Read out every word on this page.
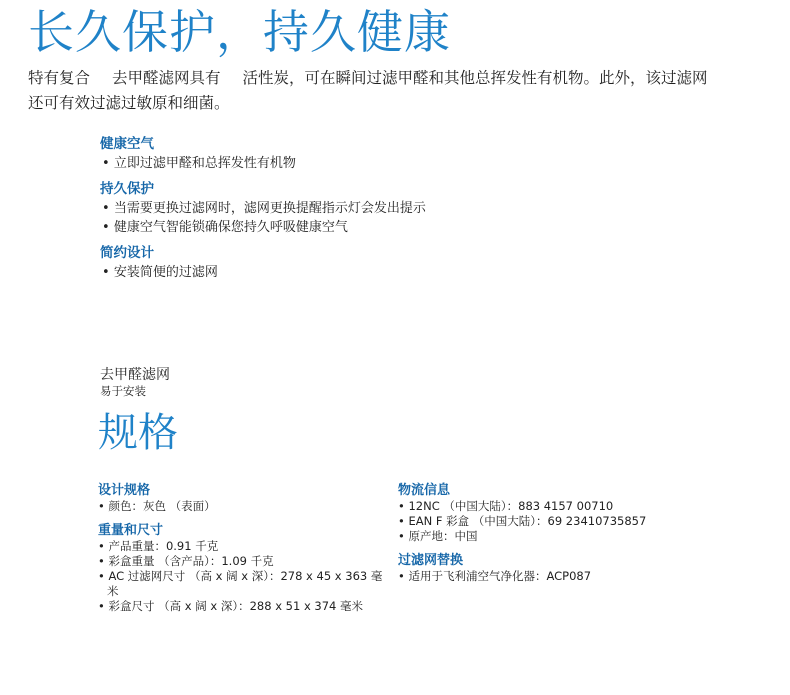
长久保护，持久健康

特有复合 去甲醛滤网具有 活性炭，可在瞬间过滤甲醛和其他总挥发性有机物。此外，该过滤网还可有效过滤过敏原和细菌。

健康空气

• 立即过滤甲醛和总挥发性有机物

持久保护

• 当需要更换过滤网时，滤网更换提醒指示灯会发出提示

• 健康空气智能锁确保您持久呼吸健康空气

简约设计

• 安装简便的过滤网

去甲醛滤网
易于安装
规格

设计规格

• 颜色：灰色 （表面）

重量和尺寸

• 产品重量：0.91 千克

• 彩盒重量 （含产品）：1.09 千克

• AC 过滤网尺寸 （高 x 阔 x 深）：278 x 45 x 363 毫米

• 彩盒尺寸 （高 x 阔 x 深）：288 x 51 x 374 毫米

物流信息

• 12NC （中国大陆）：883 4157 00710

• EAN F 彩盒 （中国大陆）：69 23410735857

• 原产地：中国

过滤网替换

• 适用于飞利浦空气净化器：ACP087
